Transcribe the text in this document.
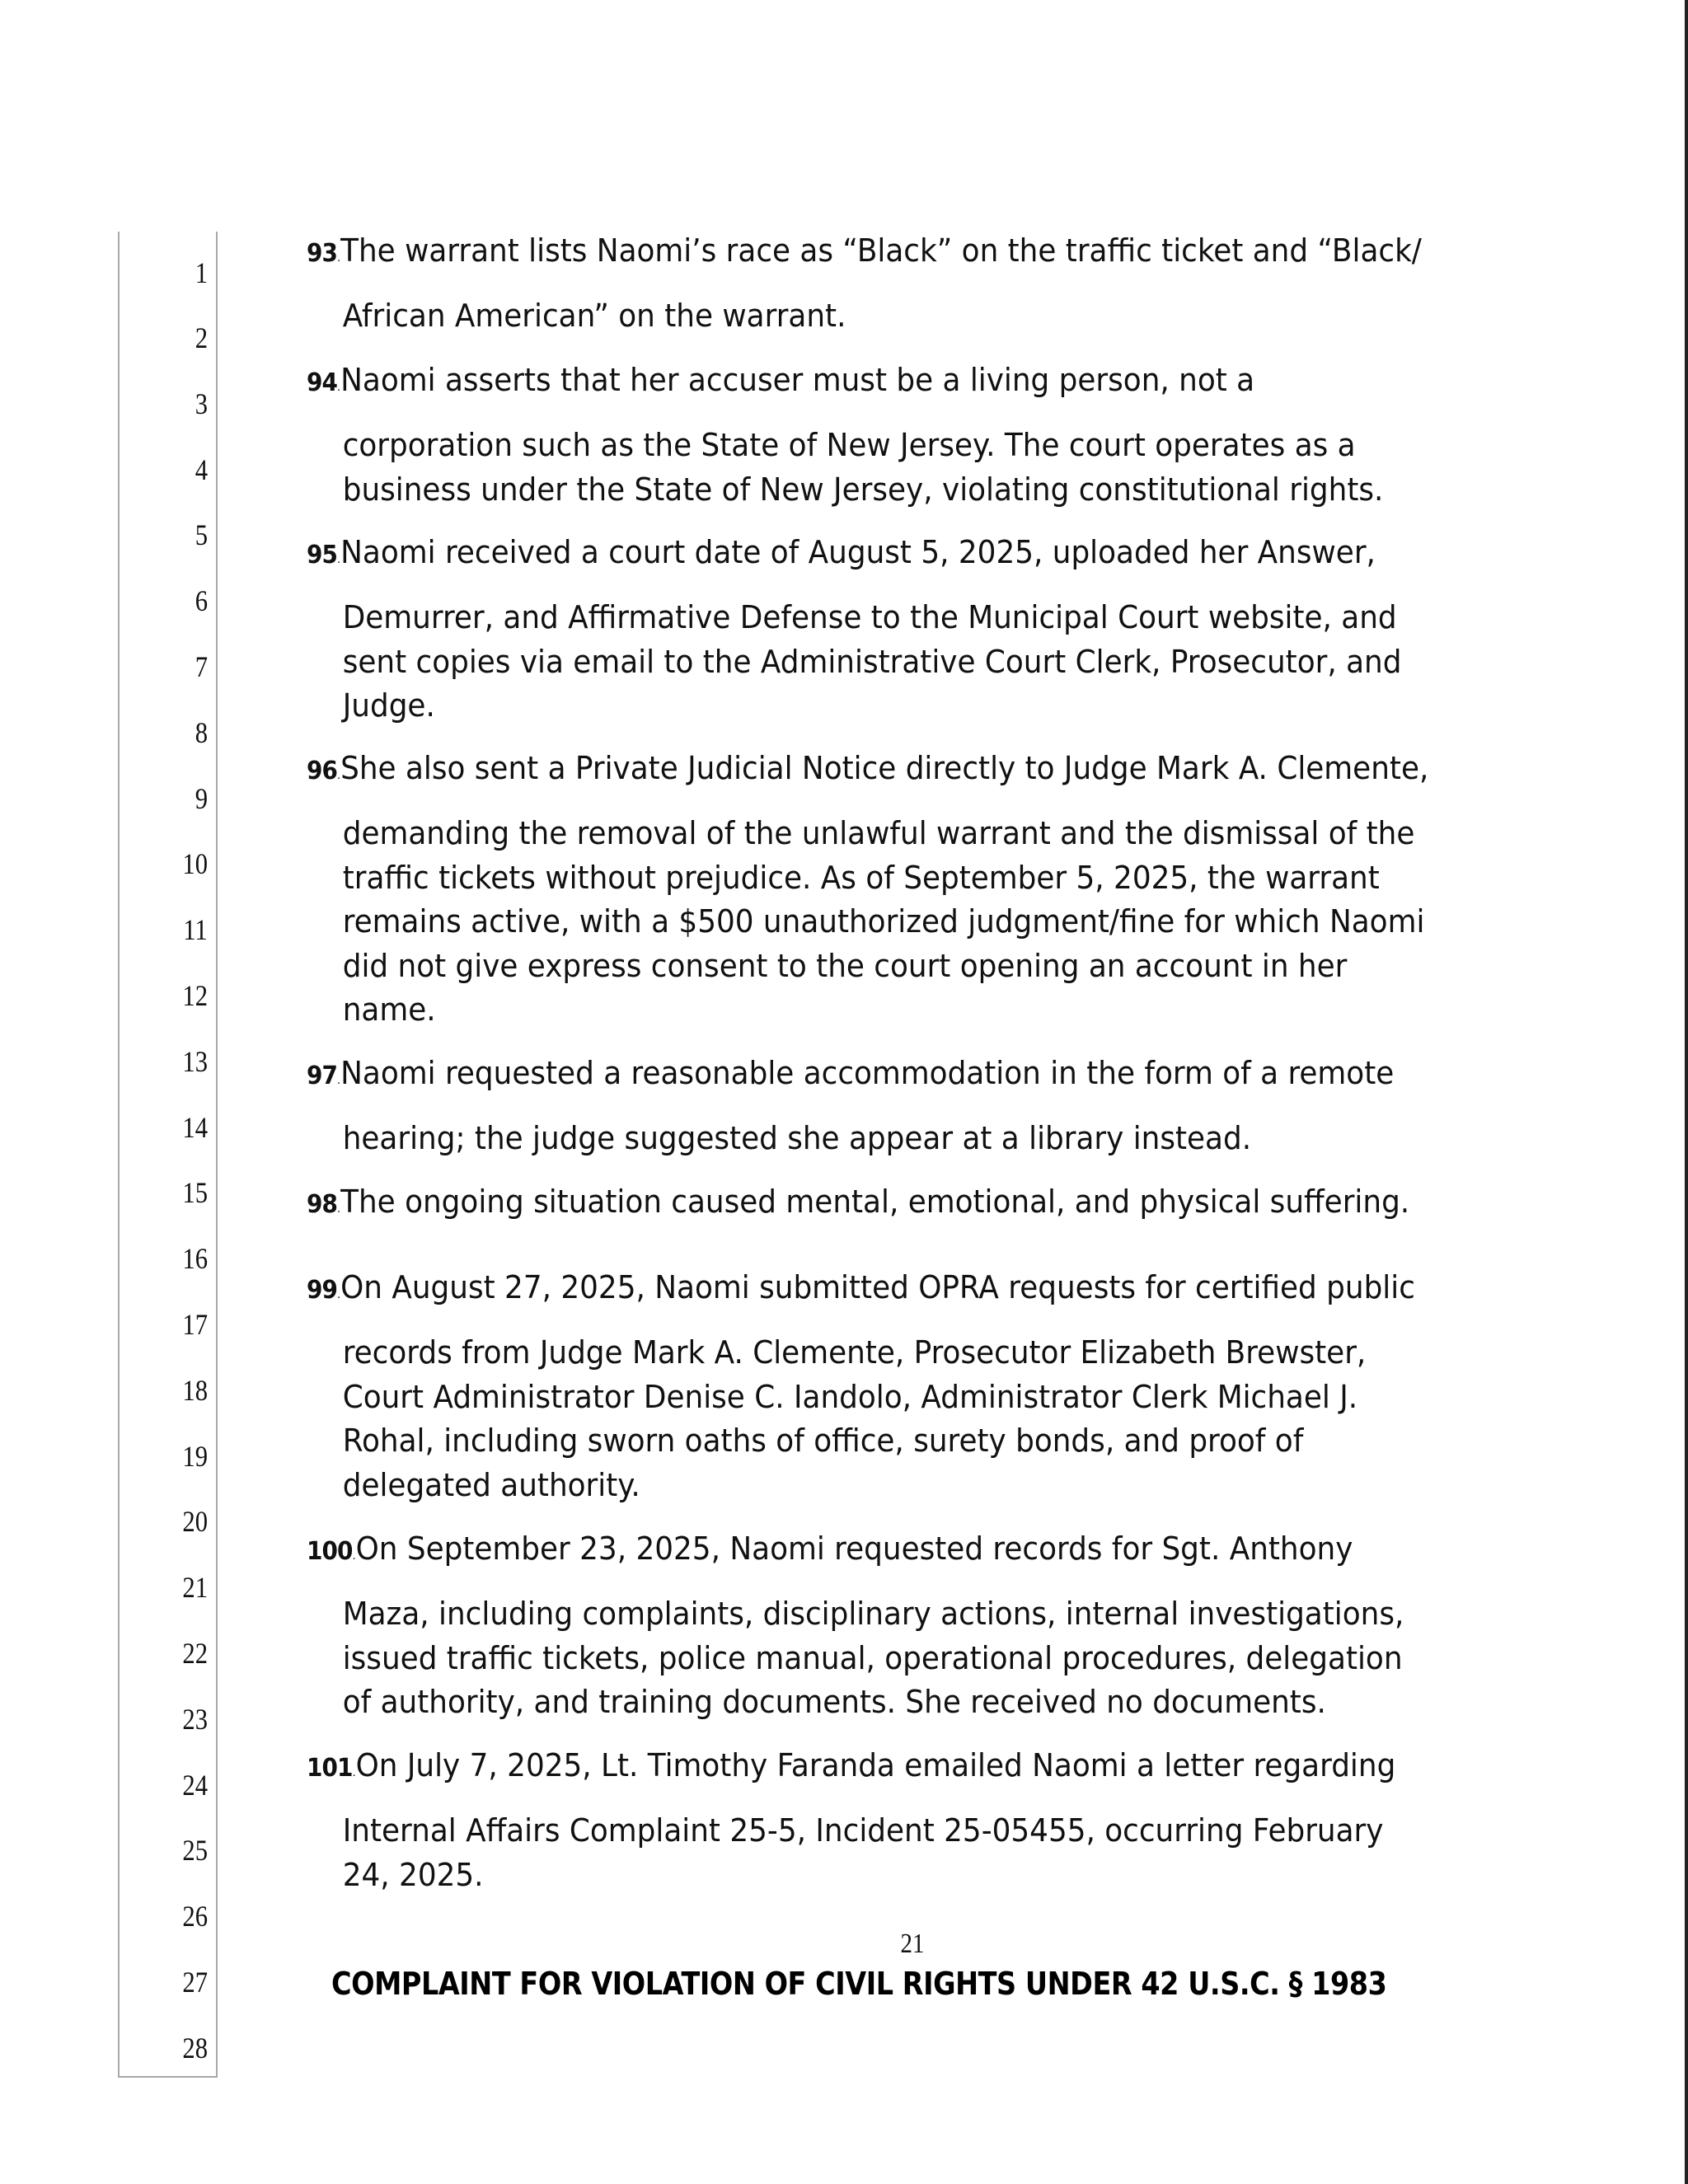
1
2
3
4
5
6
7
8
9
10
11
12
13
14
15
16
17
18
19
20
21
22
23
24
25
26
27
28
93.The warrant lists Naomi’s race as “Black” on the traffic ticket and “Black/
African American” on the warrant.
94.Naomi asserts that her accuser must be a living person, not a
corporation such as the State of New Jersey. The court operates as a
business under the State of New Jersey, violating constitutional rights.
95.Naomi received a court date of August 5, 2025, uploaded her Answer,
Demurrer, and Affirmative Defense to the Municipal Court website, and
sent copies via email to the Administrative Court Clerk, Prosecutor, and
Judge.
96.She also sent a Private Judicial Notice directly to Judge Mark A. Clemente,
demanding the removal of the unlawful warrant and the dismissal of the
traffic tickets without prejudice. As of September 5, 2025, the warrant
remains active, with a $500 unauthorized judgment/fine for which Naomi
did not give express consent to the court opening an account in her
name.
97.Naomi requested a reasonable accommodation in the form of a remote
hearing; the judge suggested she appear at a library instead.
98.The ongoing situation caused mental, emotional, and physical suffering.
99.On August 27, 2025, Naomi submitted OPRA requests for certified public
records from Judge Mark A. Clemente, Prosecutor Elizabeth Brewster,
Court Administrator Denise C. Iandolo, Administrator Clerk Michael J.
Rohal, including sworn oaths of office, surety bonds, and proof of
delegated authority.
100.On September 23, 2025, Naomi requested records for Sgt. Anthony
Maza, including complaints, disciplinary actions, internal investigations,
issued traffic tickets, police manual, operational procedures, delegation
of authority, and training documents. She received no documents.
101.On July 7, 2025, Lt. Timothy Faranda emailed Naomi a letter regarding
Internal Affairs Complaint 25-5, Incident 25-05455, occurring February
24, 2025.
21
COMPLAINT FOR VIOLATION OF CIVIL RIGHTS UNDER 42 U.S.C. § 1983
